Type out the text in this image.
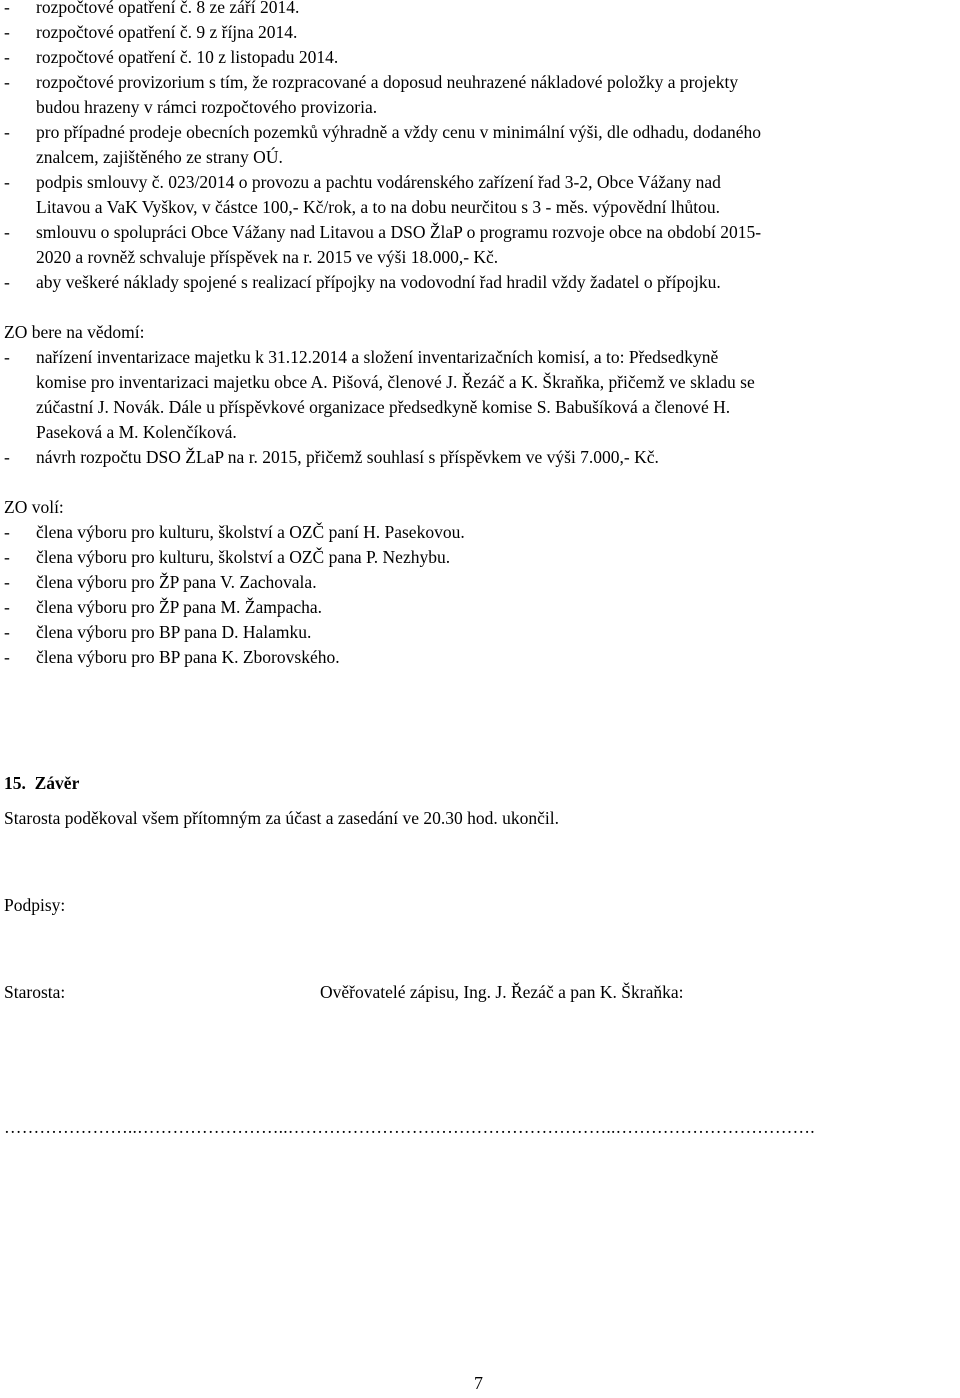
-	rozpočtové opatření č. 8 ze září 2014.
-	rozpočtové opatření č. 9 z října 2014.
-	rozpočtové opatření č. 10 z listopadu 2014.
-	rozpočtové provizorium s tím, že rozpracované a doposud neuhrazené nákladové položky a projekty
budou hrazeny v rámci rozpočtového provizoria.
-	pro případné prodeje obecních pozemků výhradně a vždy cenu v minimální výši, dle odhadu, dodaného
znalcem, zajištěného ze strany OÚ.
-	podpis smlouvy č. 023/2014 o provozu a pachtu vodárenského zařízení řad 3-2, Obce Vážany nad
Litavou a VaK Vyškov, v částce 100,- Kč/rok, a to na dobu neurčitou s 3 - měs. výpovědní lhůtou.
-	smlouvu o spolupráci Obce Vážany nad Litavou a DSO ŽlaP o programu rozvoje obce na období 2015-
2020 a rovněž schvaluje příspěvek na r. 2015 ve výši 18.000,- Kč.
-	aby veškeré náklady spojené s realizací přípojky na vodovodní řad hradil vždy žadatel o přípojku.
ZO bere na vědomí:
-	nařízení inventarizace majetku k 31.12.2014 a složení inventarizačních komisí, a to: Předsedkyně
komise pro inventarizaci majetku obce A. Pišová, členové J. Řezáč a K. Škraňka, přičemž ve skladu se
zúčastní J. Novák. Dále u příspěvkové organizace předsedkyně komise S. Babušíková a členové H.
Paseková a M. Kolenčíková.
-	návrh rozpočtu DSO ŽLaP na r. 2015, přičemž souhlasí s příspěvkem ve výši 7.000,- Kč.
ZO volí:
-	člena výboru pro kulturu, školství a OZČ paní H. Pasekovou.
-	člena výboru pro kulturu, školství a OZČ pana P. Nezhybu.
-	člena výboru pro ŽP pana V. Zachovala.
-	člena výboru pro ŽP pana M. Žampacha.
-	člena výboru pro BP pana D. Halamku.
-	člena výboru pro BP pana K. Zborovského.
15. Závěr
Starosta poděkoval všem přítomným za účast a zasedání ve 20.30 hod. ukončil.
Podpisy:
Starosta:	Ověřovatelé zápisu, Ing. J. Řezáč a pan K. Škraňka:
…………………..……………………..………………………………………………..…………………………….
7
